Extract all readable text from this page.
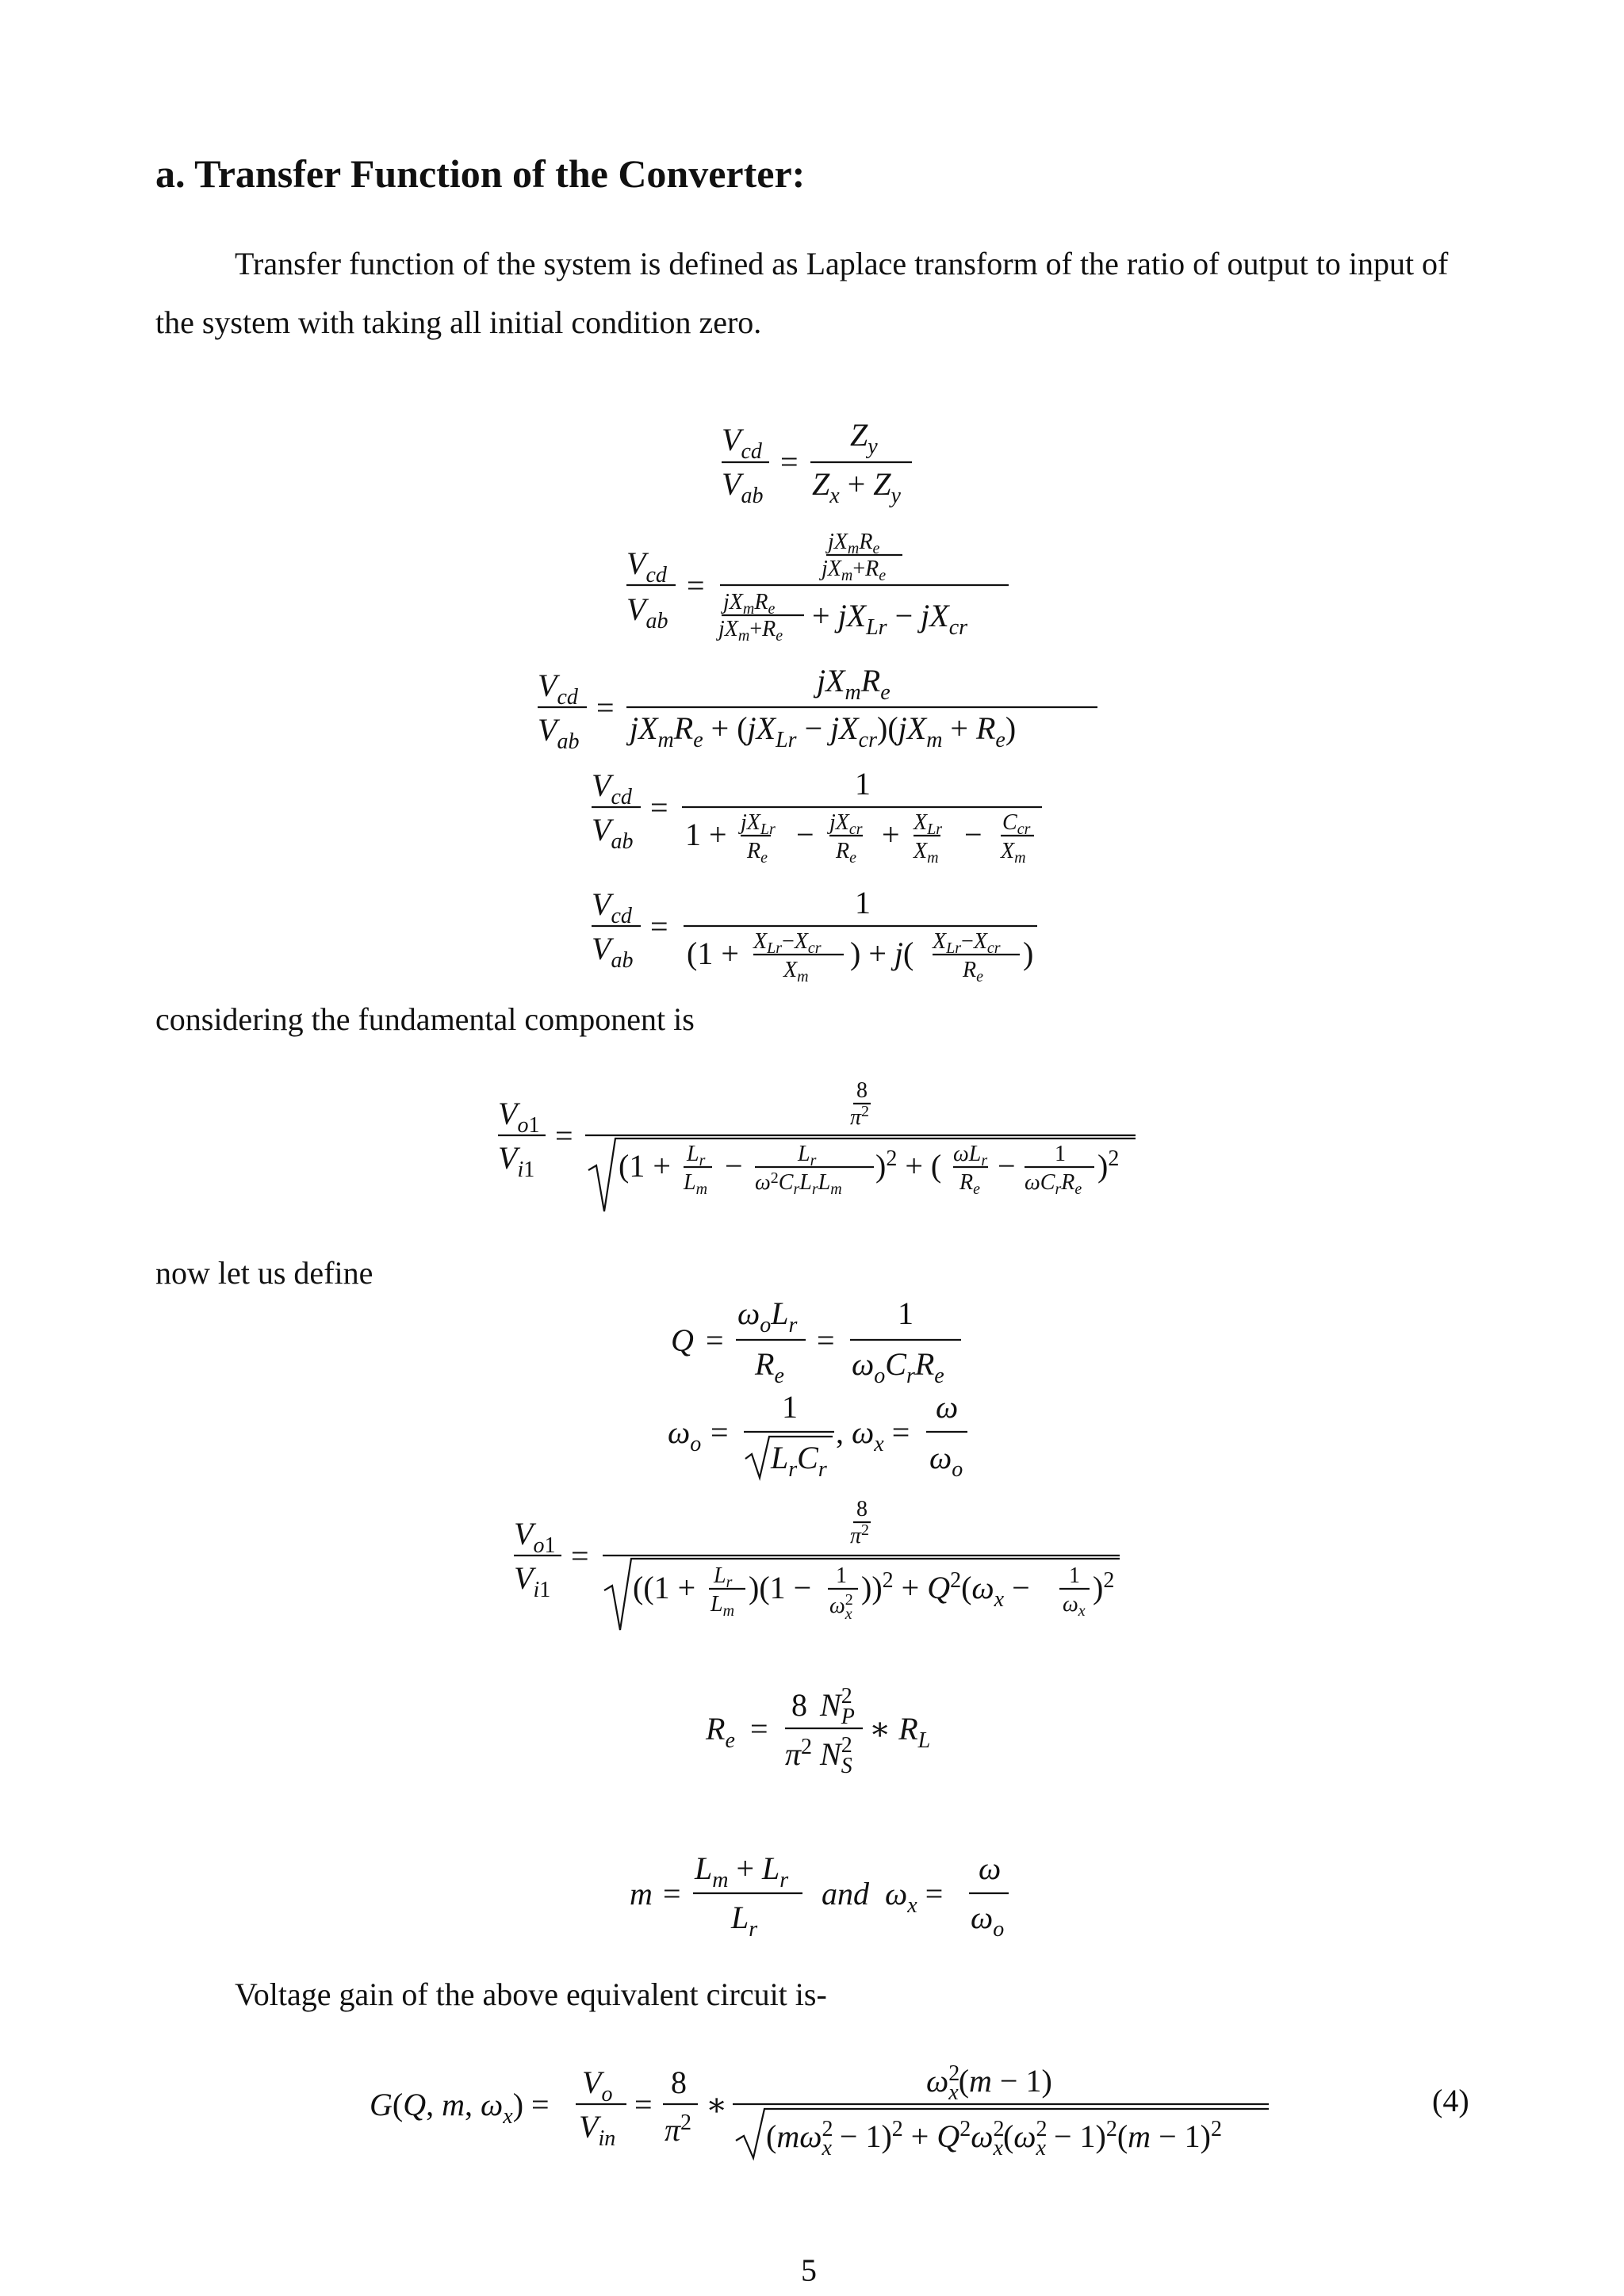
a. Transfer Function of the Converter:

Transfer function of the system is defined as Laplace transform of the ratio of output to input of the system with taking all initial condition zero.

considering the fundamental component is

now let us define

Voltage gain of the above equivalent circuit is-

$V_{cd}$
$V_{ab}$
=
$Z_y$
$Z_x + Z_y$
$V_{cd}$
$V_{ab}$
=
$jX_mR_e$
$jX_m+R_e$
$jX_mR_e$
$jX_m+R_e$
+ $jX_{Lr} - jX_{cr}$
$V_{cd}$
$V_{ab}$
=
$jX_mR_e$
$jX_mR_e + (jX_{Lr} - jX_{cr})(jX_m + R_e)$
$V_{cd}$
$V_{ab}$
=
1
$1 + jX_{Lr}$
$R_e$
− $jX_{cr}$
$R_e$
+ $X_{Lr}$
$X_m$
− $C_{cr}$
$X_m$
$V_{cd}$
$V_{ab}$
=
1
($1 + X_{Lr}-X_{cr}$
$X_m$
) + j( $X_{Lr}-X_{cr}$
$R_e$
)
$V_o1$
$V_i1$
=
8
$\pi^2$
($1 + L_r$
$L_m$
− $L_r$
$\omega^2C_rL_rL_m$
)$^2$ + ( $\omega L_r$
$R_e$
− 1
$\omega C_rR_e$
)$^2$
Q =
$\omega_oL_r$
$R_e$
=
1
$\omega_oC_rR_e$
$\omega_o$ =
1
$L_rC_r$
, $\omega_x$ =
ω
$\omega_o$
$V_o1$
$V_i1$
=
8
$\pi^2$
(($1 + L_r$
$L_m$
)(1 − 1
$\omega^2$ x
))$^2 + Q^2(\omega_x - 1$
$\omega_x$
)$^2$
$R_e$ =
8
$\pi^2$
$N^2$ P
$N^2$ S
∗ $R_L$
m =
$L_m + L_r$
$L_r$
and $\omega_x$ =
ω
$\omega_o$
G(Q, m, $\omega_x$) =
$V_o$
$V_{in}$
=
8
$\pi^2$
∗
$\omega^2$ x(m − 1)
($m\omega^2$ $x - 1)^2 + Q^2\omega^2$ $x(\omega^2$ $x - 1)^2(m - 1)^2$
(4)
5
